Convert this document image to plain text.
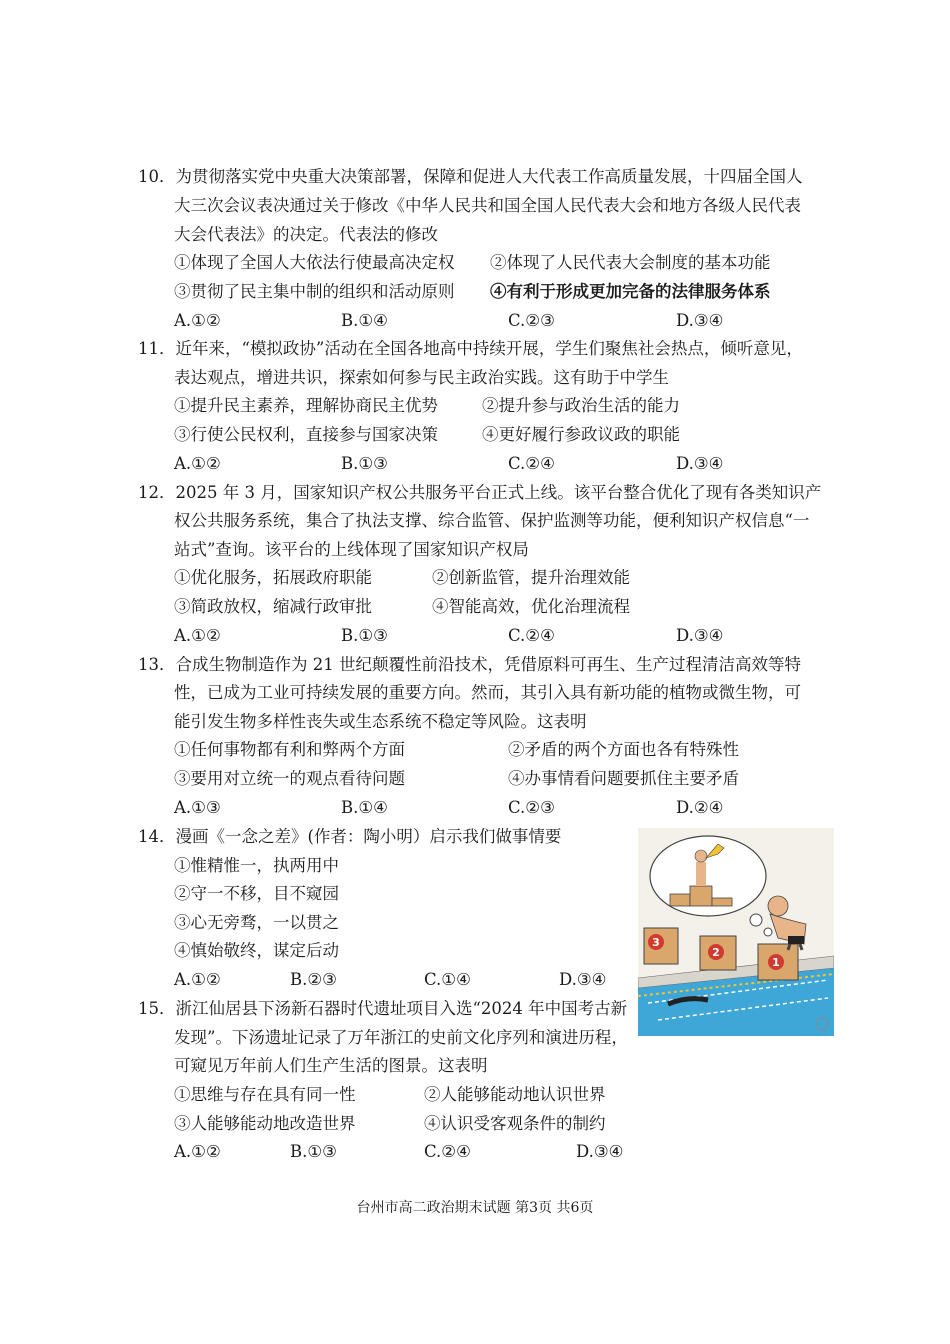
10．为贯彻落实党中央重大决策部署，保障和促进人大代表工作高质量发展，十四届全国人
大三次会议表决通过关于修改《中华人民共和国全国人民代表大会和地方各级人民代表
大会代表法》的决定。代表法的修改
①体现了全国人大依法行使最高决定权 ②体现了人民代表大会制度的基本功能
③贯彻了民主集中制的组织和活动原则 ④有利于形成更加完备的法律服务体系
A.①②	B.①④	C.②③	D.③④
11．近年来，“模拟政协”活动在全国各地高中持续开展，学生们聚焦社会热点，倾听意见，
表达观点，增进共识，探索如何参与民主政治实践。这有助于中学生
①提升民主素养，理解协商民主优势	②提升参与政治生活的能力
③行使公民权利，直接参与国家决策	④更好履行参政议政的职能
A.①②	B.①③	C.②④	D.③④
12．2025 年 3 月，国家知识产权公共服务平台正式上线。该平台整合优化了现有各类知识产
权公共服务系统，集合了执法支撑、综合监管、保护监测等功能，便利知识产权信息“一
站式”查询。该平台的上线体现了国家知识产权局
①优化服务，拓展政府职能	②创新监管，提升治理效能
③简政放权，缩减行政审批	④智能高效，优化治理流程
A.①②	B.①③	C.②④	D.③④
13．合成生物制造作为 21 世纪颠覆性前沿技术，凭借原料可再生、生产过程清洁高效等特
性，已成为工业可持续发展的重要方向。然而，其引入具有新功能的植物或微生物，可
能引发生物多样性丧失或生态系统不稳定等风险。这表明
①任何事物都有利和弊两个方面	②矛盾的两个方面也各有特殊性
③要用对立统一的观点看待问题	④办事情看问题要抓住主要矛盾
A.①③	B.①④	C.②③	D.②④
14．漫画《一念之差》(作者：陶小明）启示我们做事情要
①惟精惟一，执两用中
②守一不移，目不窥园
③心无旁骛，一以贯之
④慎始敬终，谋定后动
A.①②	B.②③	C.①④	D.③④
3
2
1
15．浙江仙居县下汤新石器时代遗址项目入选“2024 年中国考古新
发现”。下汤遗址记录了万年浙江的史前文化序列和演进历程，
可窥见万年前人们生产生活的图景。这表明
①思维与存在具有同一性	②人能够能动地认识世界
③人能够能动地改造世界	④认识受客观条件的制约
A.①②	B.①③	C.②④	D.③④
台州市高二政治期末试题 第3页 共6页
